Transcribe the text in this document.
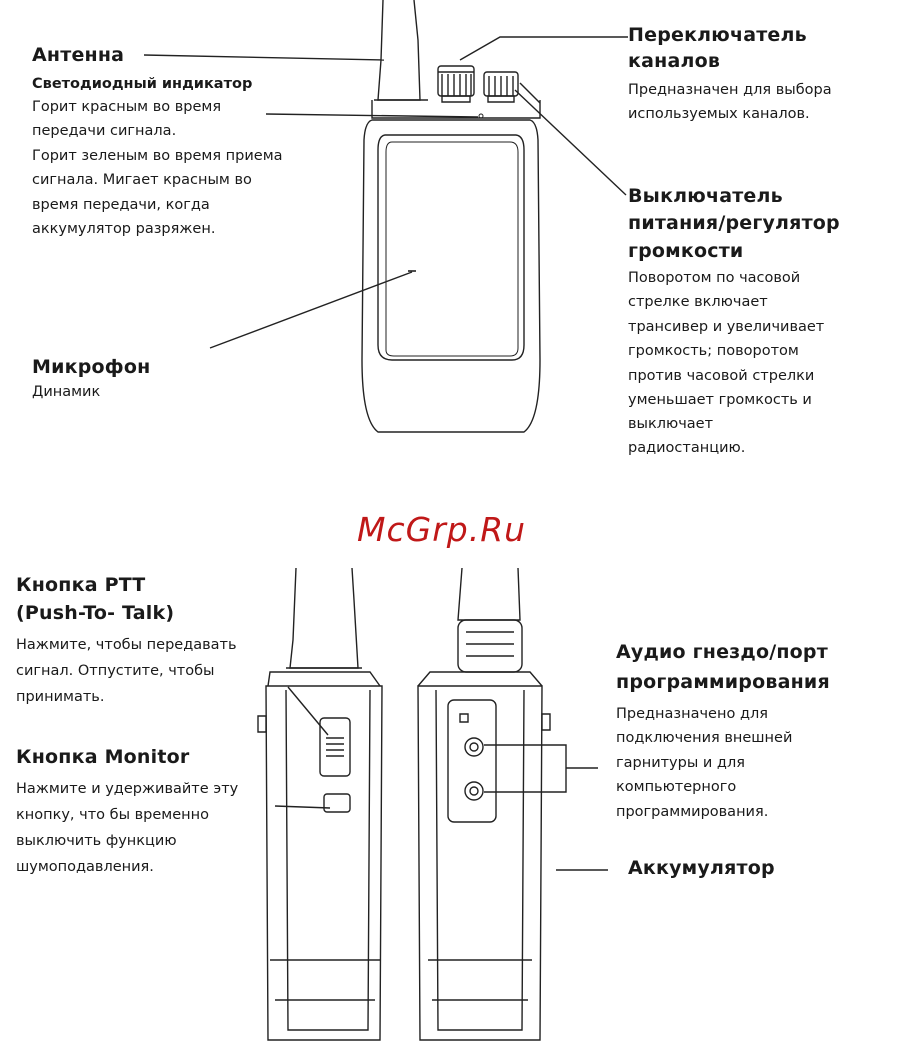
Антенна
Светодиодный индикатор
Горит красным во время
передачи сигнала.
Горит зеленым во время приема
сигнала. Мигает красным во
время передачи, когда
аккумулятор разряжен.
Микрофон
Динамик
Переключатель
каналов
Предназначен для выбора
используемых каналов.
Выключатель
питания/регулятор
громкости
Поворотом по часовой
стрелке включает
трансивер и увеличивает
громкость; поворотом
против часовой стрелки
уменьшает громкость и
выключает
радиостанцию.
McGrp.Ru
Кнопка PTT
(Push-To- Talk)
Нажмите, чтобы передавать
сигнал. Отпустите, чтобы
принимать.
Кнопка Monitor
Нажмите и удерживайте эту
кнопку, что бы временно
выключить функцию
шумоподавления.
Аудио гнездо/порт
программирования
Предназначено для
подключения внешней
гарнитуры и для
компьютерного
программирования.
Аккумулятор
